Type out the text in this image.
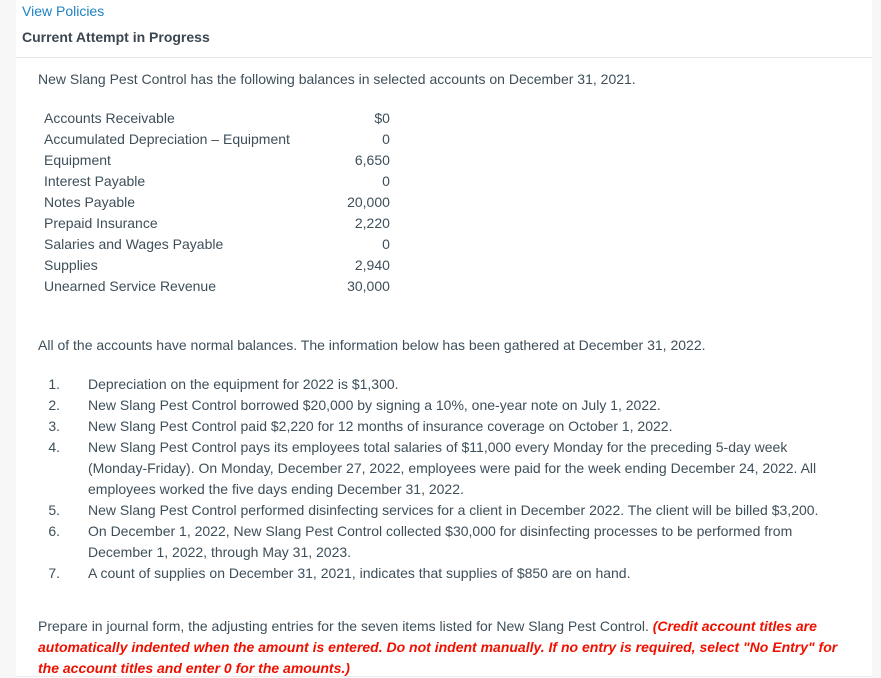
View Policies
Current Attempt in Progress

New Slang Pest Control has the following balances in selected accounts on December 31, 2021.

Accounts Receivable	$0
Accumulated Depreciation – Equipment	0
Equipment	6,650
Interest Payable	0
Notes Payable	20,000
Prepaid Insurance	2,220
Salaries and Wages Payable	0
Supplies	2,940
Unearned Service Revenue	30,000

All of the accounts have normal balances. The information below has been gathered at December 31, 2022.

1. Depreciation on the equipment for 2022 is $1,300.
2. New Slang Pest Control borrowed $20,000 by signing a 10%, one-year note on July 1, 2022.
3. New Slang Pest Control paid $2,220 for 12 months of insurance coverage on October 1, 2022.
4. New Slang Pest Control pays its employees total salaries of $11,000 every Monday for the preceding 5-day week (Monday-Friday). On Monday, December 27, 2022, employees were paid for the week ending December 24, 2022. All employees worked the five days ending December 31, 2022.
5. New Slang Pest Control performed disinfecting services for a client in December 2022. The client will be billed $3,200.
6. On December 1, 2022, New Slang Pest Control collected $30,000 for disinfecting processes to be performed from December 1, 2022, through May 31, 2023.
7. A count of supplies on December 31, 2021, indicates that supplies of $850 are on hand.

Prepare in journal form, the adjusting entries for the seven items listed for New Slang Pest Control. (Credit account titles are automatically indented when the amount is entered. Do not indent manually. If no entry is required, select "No Entry" for the account titles and enter 0 for the amounts.)
